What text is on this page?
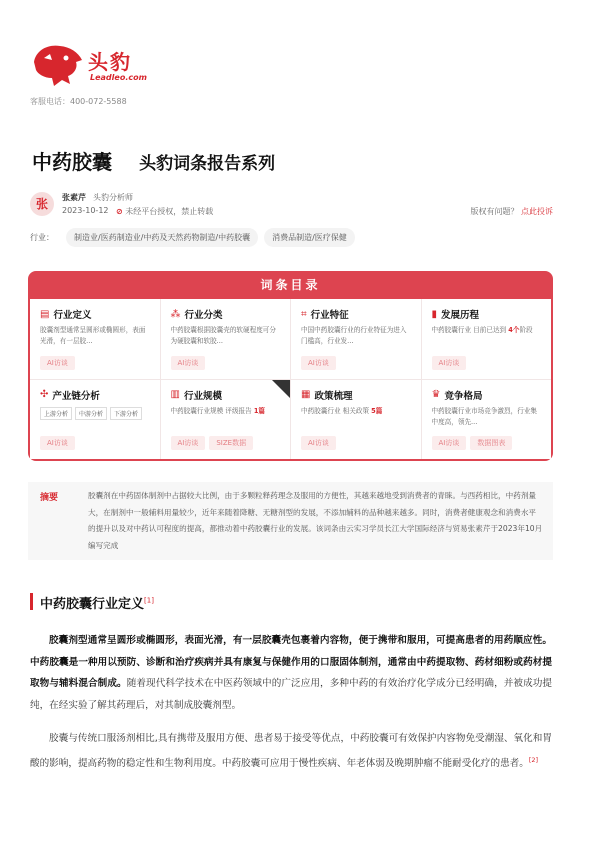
头豹
Leadleo.com
客服电话：400-072-5588
中药胶囊 头豹词条报告系列
张	张素芹 头豹分析师
2023-10-12 ⊘ 未经平台授权，禁止转载	版权有问题？ 点此投诉
行业：	制造业/医药制造业/中药及天然药物制造/中药胶囊	消费品制造/医疗保健
词条目录
▤ 行业定义
胶囊剂型通常呈圆形或椭圆形，表面光滑，有一层胶...
AI访谈
⁂ 行业分类
中药胶囊根据胶囊壳的软硬程度可分为硬胶囊和软胶...
AI访谈
⌗ 行业特征
中国中药胶囊行业的行业特征为进入门槛高，行业发...
AI访谈
▮ 发展历程
中药胶囊行业 目前已达到 4个阶段
AI访谈
✣ 产业链分析
上游分析	中游分析	下游分析
AI访谈
▥ 行业规模
中药胶囊行业规模 评级报告 1篇
AI访谈	SIZE数据
▦ 政策梳理
中药胶囊行业 相关政策 5篇
AI访谈
♛ 竞争格局
中药胶囊行业市场竞争激烈，行业集中度高，领先...
AI访谈	数据图表
摘要	胶囊剂在中药固体制剂中占据较大比例，由于多颗粒释药理念及服用的方便性，其越来越地受到消费者的青睐。与西药相比，中药剂量大，在制剂中一般辅料用量较少，近年来随着降糖、无糖剂型的发展，不添加辅料的品种越来越多。同时，消费者健康观念和消费水平的提升以及对中药认可程度的提高，都推动着中药胶囊行业的发展。该词条由云实习学员长江大学国际经济与贸易张素芹于2023年10月编写完成
中药胶囊行业定义[1]
胶囊剂型通常呈圆形或椭圆形，表面光滑，有一层胶囊壳包裹着内容物，便于携带和服用，可提高患者的用药顺应性。中药胶囊是一种用以预防、诊断和治疗疾病并具有康复与保健作用的口服固体制剂，通常由中药提取物、药材细粉或药材提取物与辅料混合制成。随着现代科学技术在中医药领域中的广泛应用，多种中药的有效治疗化学成分已经明确，并被成功提纯，在经实验了解其药理后，对其制成胶囊剂型。
胶囊与传统口服汤剂相比,具有携带及服用方便、患者易于接受等优点，中药胶囊可有效保护内容物免受潮湿、氧化和胃酸的影响，提高药物的稳定性和生物利用度。中药胶囊可应用于慢性疾病、年老体弱及晚期肿瘤不能耐受化疗的患者。[2]
